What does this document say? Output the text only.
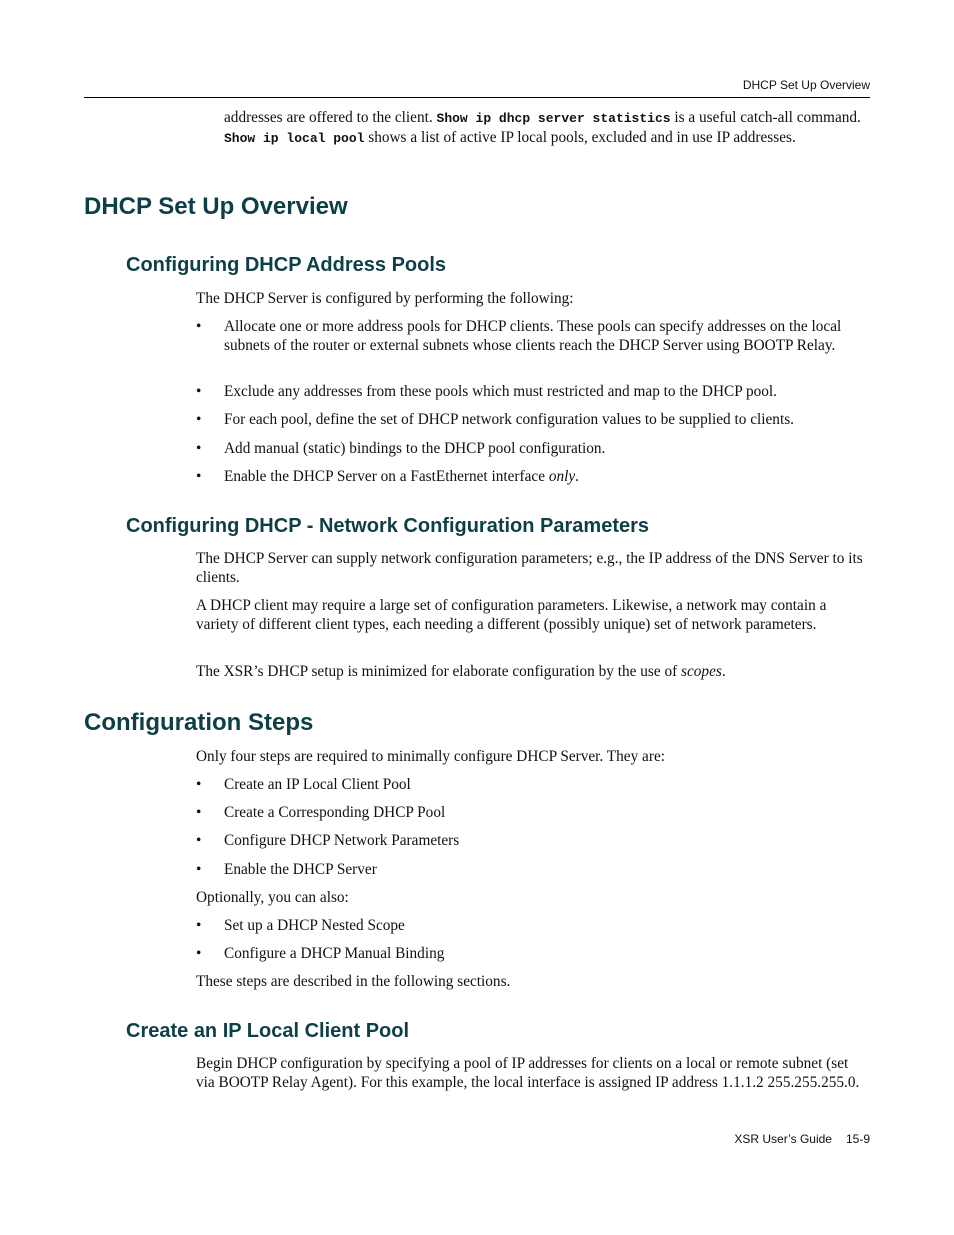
DHCP Set Up Overview

addresses are offered to the client. Show ip dhcp server statistics is a useful catch-all command. Show ip local pool shows a list of active IP local pools, excluded and in use IP addresses.

DHCP Set Up Overview
Configuring DHCP Address Pools

The DHCP Server is configured by performing the following:

•	Allocate one or more address pools for DHCP clients. These pools can specify addresses on the local subnets of the router or external subnets whose clients reach the DHCP Server using BOOTP Relay.
•	Exclude any addresses from these pools which must restricted and map to the DHCP pool.
•	For each pool, define the set of DHCP network configuration values to be supplied to clients.
•	Add manual (static) bindings to the DHCP pool configuration.
•	Enable the DHCP Server on a FastEthernet interface only.
Configuring DHCP - Network Configuration Parameters

The DHCP Server can supply network configuration parameters; e.g., the IP address of the DNS Server to its clients.

A DHCP client may require a large set of configuration parameters. Likewise, a network may contain a variety of different client types, each needing a different (possibly unique) set of network parameters.

The XSR’s DHCP setup is minimized for elaborate configuration by the use of scopes.

Configuration Steps

Only four steps are required to minimally configure DHCP Server. They are:

•	Create an IP Local Client Pool
•	Create a Corresponding DHCP Pool
•	Configure DHCP Network Parameters
•	Enable the DHCP Server

Optionally, you can also:

•	Set up a DHCP Nested Scope
•	Configure a DHCP Manual Binding

These steps are described in the following sections.

Create an IP Local Client Pool

Begin DHCP configuration by specifying a pool of IP addresses for clients on a local or remote subnet (set via BOOTP Relay Agent). For this example, the local interface is assigned IP address 1.1.1.2 255.255.255.0.

XSR User’s Guide 15-9
